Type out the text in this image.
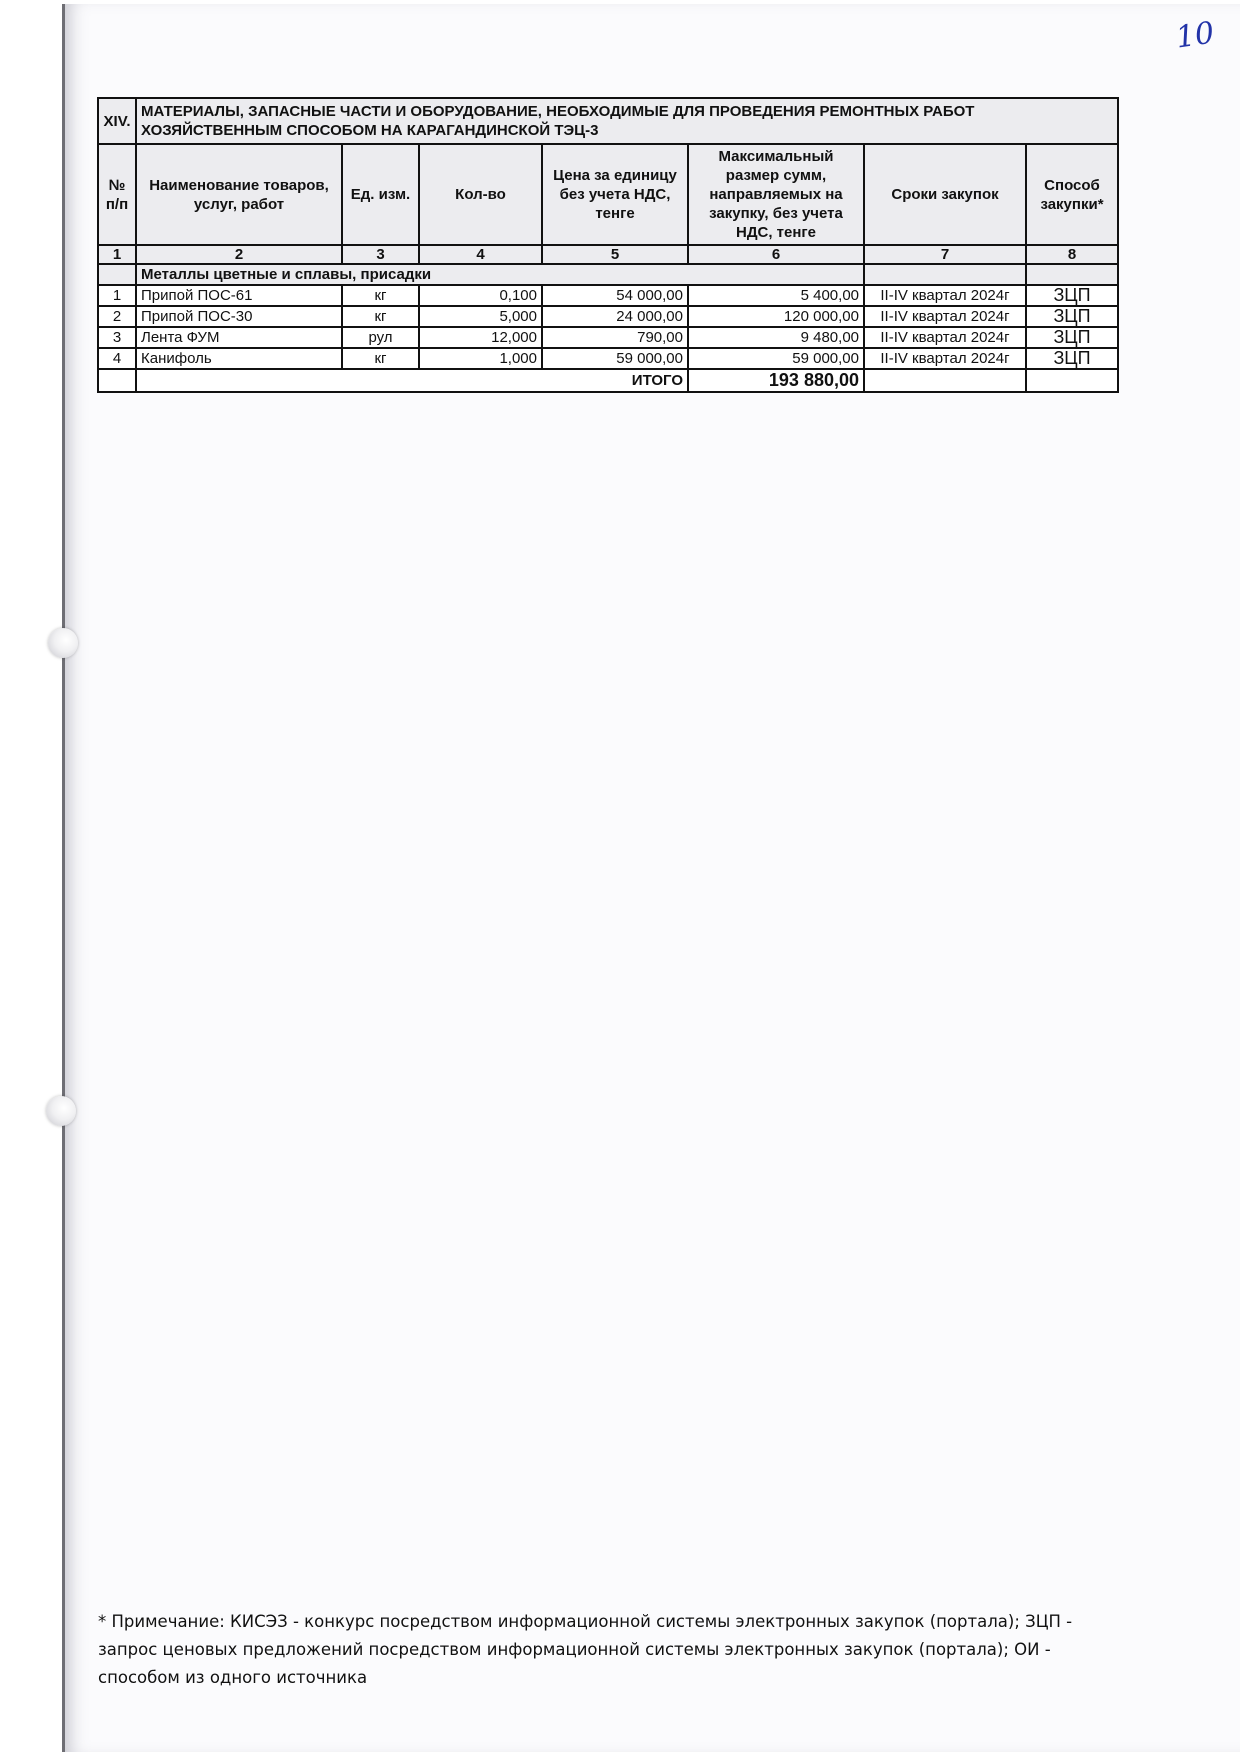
10
XIV.	МАТЕРИАЛЫ, ЗАПАСНЫЕ ЧАСТИ И ОБОРУДОВАНИЕ, НЕОБХОДИМЫЕ ДЛЯ ПРОВЕДЕНИЯ РЕМОНТНЫХ РАБОТ ХОЗЯЙСТВЕННЫМ СПОСОБОМ НА КАРАГАНДИНСКОЙ ТЭЦ-3						
№ п/п	Наименование товаров, услуг, работ	Ед. изм.	Кол-во	Цена за единицу без учета НДС, тенге	Максимальный размер сумм, направляемых на закупку, без учета НДС, тенге	Сроки закупок	Способ закупки*
1	2	3	4	5	6	7	8
	Металлы цветные и сплавы, присадки						
1	Припой ПОС-61	кг	0,100	54 000,00	5 400,00	II-IV квартал 2024г	ЗЦП
2	Припой ПОС-30	кг	5,000	24 000,00	120 000,00	II-IV квартал 2024г	ЗЦП
3	Лента ФУМ	рул	12,000	790,00	9 480,00	II-IV квартал 2024г	ЗЦП
4	Канифоль	кг	1,000	59 000,00	59 000,00	II-IV квартал 2024г	ЗЦП
	ИТОГО				193 880,00		
* Примечание: КИСЭЗ - конкурс посредством информационной системы электронных закупок (портала); ЗЦП - запрос ценовых предложений посредством информационной системы электронных закупок (портала); ОИ - способом из одного источника
